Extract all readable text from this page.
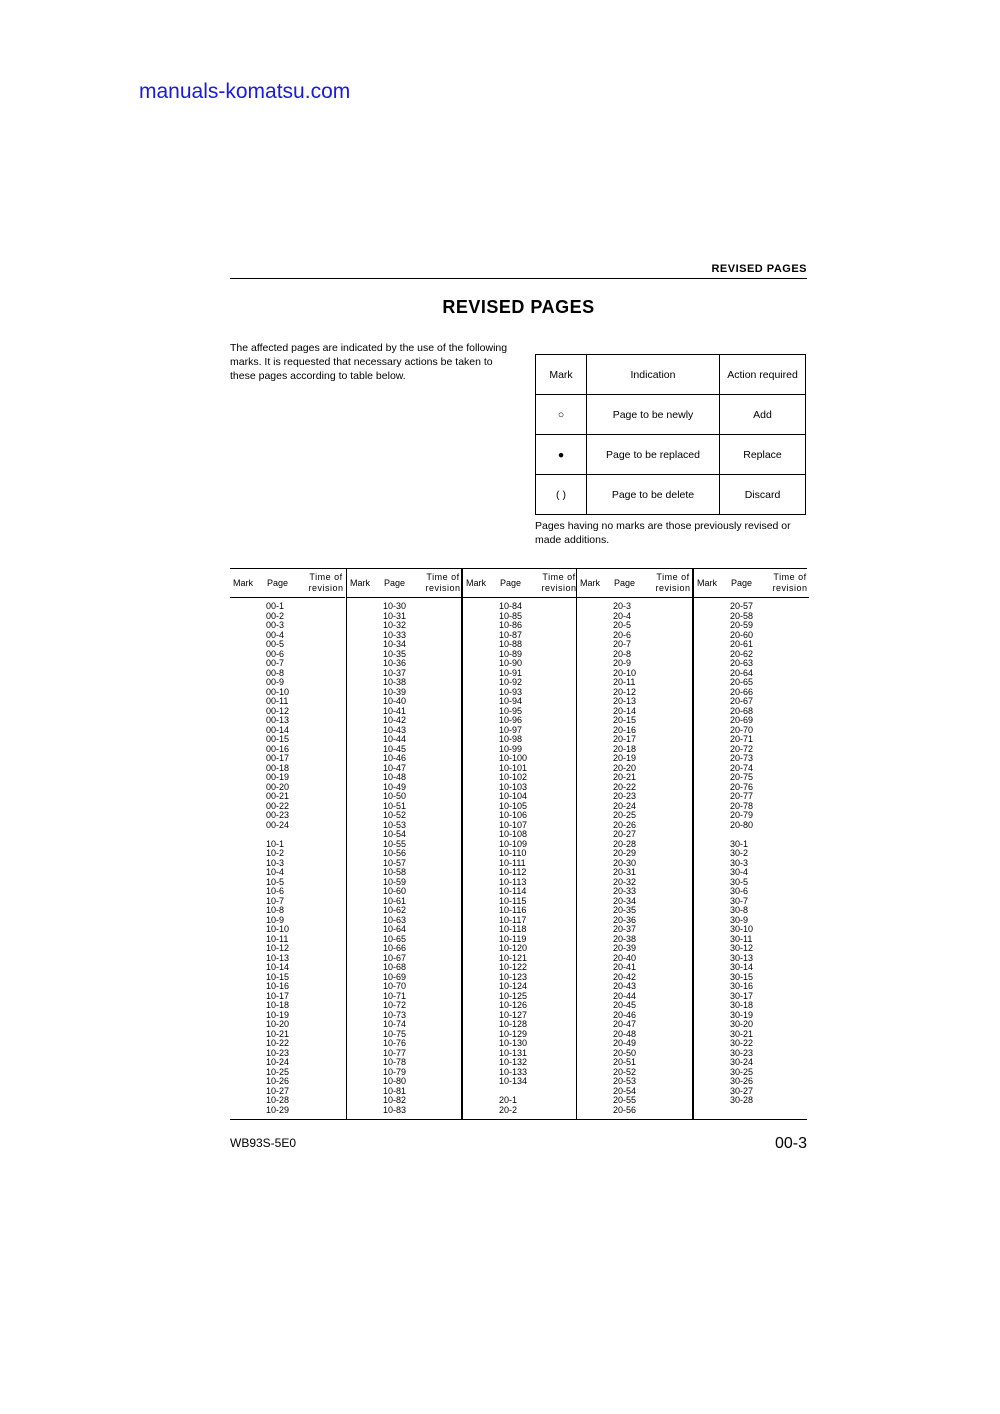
manuals-komatsu.com
REVISED PAGES
REVISED PAGES
The affected pages are indicated by the use of the following marks. It is requested that necessary actions be taken to these pages according to table below.	Mark	Indication	Action required
○	Page to be newly	Add
●	Page to be replaced	Replace
( )	Page to be delete	Discard
Pages having no marks are those previously revised or made additions.
Mark Page
Time of revision
00-1
00-2
00-3
00-4
00-5
00-6
00-7
00-8
00-9
00-10
00-11
00-12
00-13
00-14
00-15
00-16
00-17
00-18
00-19
00-20
00-21
00-22
00-23
00-24

10-1
10-2
10-3
10-4
10-5
10-6
10-7
10-8
10-9
10-10
10-11
10-12
10-13
10-14
10-15
10-16
10-17
10-18
10-19
10-20
10-21
10-22
10-23
10-24
10-25
10-26
10-27
10-28
10-29
Mark Page
Time of revision
10-30
10-31
10-32
10-33
10-34
10-35
10-36
10-37
10-38
10-39
10-40
10-41
10-42
10-43
10-44
10-45
10-46
10-47
10-48
10-49
10-50
10-51
10-52
10-53
10-54
10-55
10-56
10-57
10-58
10-59
10-60
10-61
10-62
10-63
10-64
10-65
10-66
10-67
10-68
10-69
10-70
10-71
10-72
10-73
10-74
10-75
10-76
10-77
10-78
10-79
10-80
10-81
10-82
10-83
Mark Page
Time of revision
10-84
10-85
10-86
10-87
10-88
10-89
10-90
10-91
10-92
10-93
10-94
10-95
10-96
10-97
10-98
10-99
10-100
10-101
10-102
10-103
10-104
10-105
10-106
10-107
10-108
10-109
10-110
10-111
10-112
10-113
10-114
10-115
10-116
10-117
10-118
10-119
10-120
10-121
10-122
10-123
10-124
10-125
10-126
10-127
10-128
10-129
10-130
10-131
10-132
10-133
10-134

20-1
20-2
Mark Page
Time of revision
20-3
20-4
20-5
20-6
20-7
20-8
20-9
20-10
20-11
20-12
20-13
20-14
20-15
20-16
20-17
20-18
20-19
20-20
20-21
20-22
20-23
20-24
20-25
20-26
20-27
20-28
20-29
20-30
20-31
20-32
20-33
20-34
20-35
20-36
20-37
20-38
20-39
20-40
20-41
20-42
20-43
20-44
20-45
20-46
20-47
20-48
20-49
20-50
20-51
20-52
20-53
20-54
20-55
20-56
Mark Page
Time of revision
20-57
20-58
20-59
20-60
20-61
20-62
20-63
20-64
20-65
20-66
20-67
20-68
20-69
20-70
20-71
20-72
20-73
20-74
20-75
20-76
20-77
20-78
20-79
20-80

30-1
30-2
30-3
30-4
30-5
30-6
30-7
30-8
30-9
30-10
30-11
30-12
30-13
30-14
30-15
30-16
30-17
30-18
30-19
30-20
30-21
30-22
30-23
30-24
30-25
30-26
30-27
30-28
WB93S-5E0	00-3
